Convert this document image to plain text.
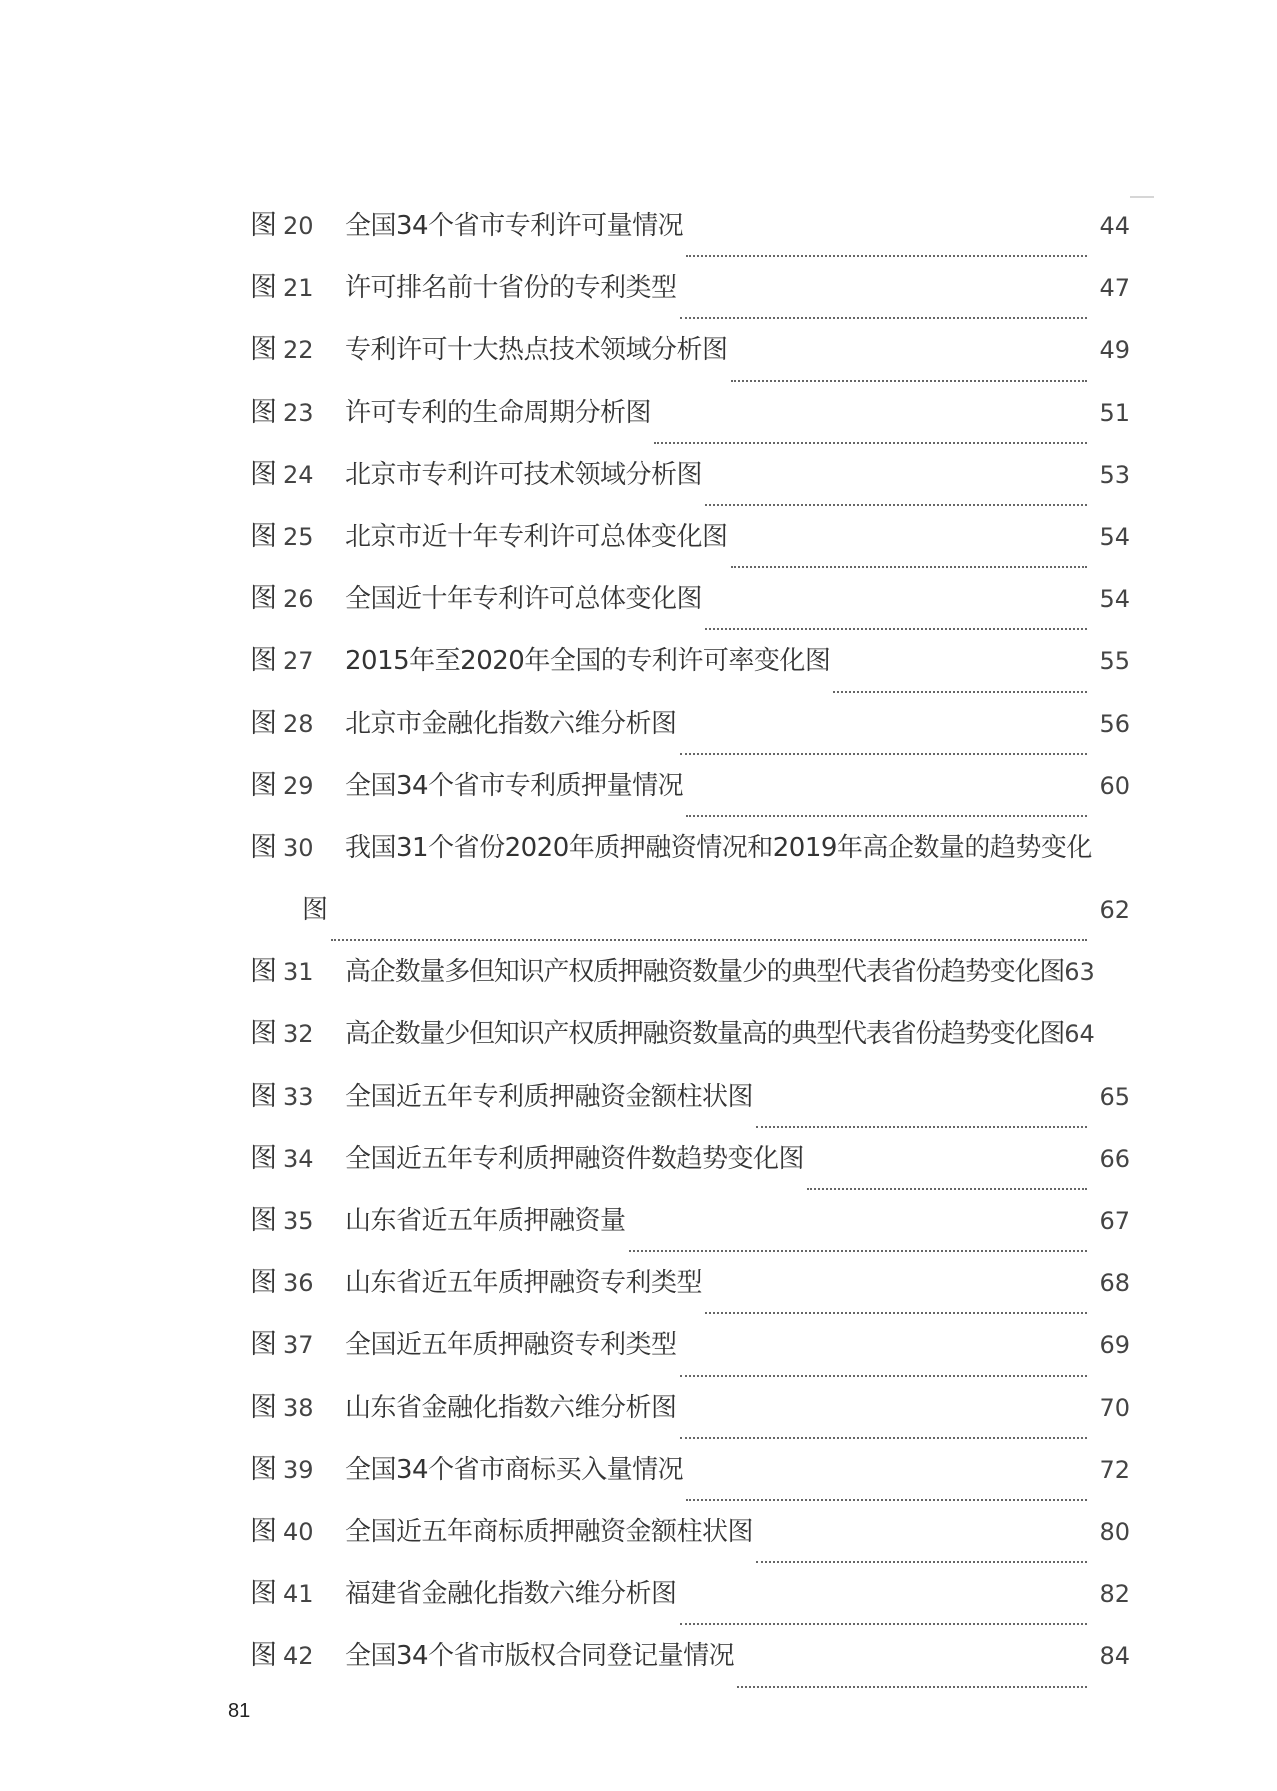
图 20	全国34个省市专利许可量情况	44
图 21	许可排名前十省份的专利类型	47
图 22	专利许可十大热点技术领域分析图	49
图 23	许可专利的生命周期分析图	51
图 24	北京市专利许可技术领域分析图	53
图 25	北京市近十年专利许可总体变化图	54
图 26	全国近十年专利许可总体变化图	54
图 27	2015年至2020年全国的专利许可率变化图	55
图 28	北京市金融化指数六维分析图	56
图 29	全国34个省市专利质押量情况	60
图 30	我国31个省份2020年质押融资情况和2019年高企数量的趋势变化
图	62
图 31	高企数量多但知识产权质押融资数量少的典型代表省份趋势变化图 63
图 32	高企数量少但知识产权质押融资数量高的典型代表省份趋势变化图 64
图 33	全国近五年专利质押融资金额柱状图	65
图 34	全国近五年专利质押融资件数趋势变化图	66
图 35	山东省近五年质押融资量	67
图 36	山东省近五年质押融资专利类型	68
图 37	全国近五年质押融资专利类型	69
图 38	山东省金融化指数六维分析图	70
图 39	全国34个省市商标买入量情况	72
图 40	全国近五年商标质押融资金额柱状图	80
图 41	福建省金融化指数六维分析图	82
图 42	全国34个省市版权合同登记量情况	84
81
